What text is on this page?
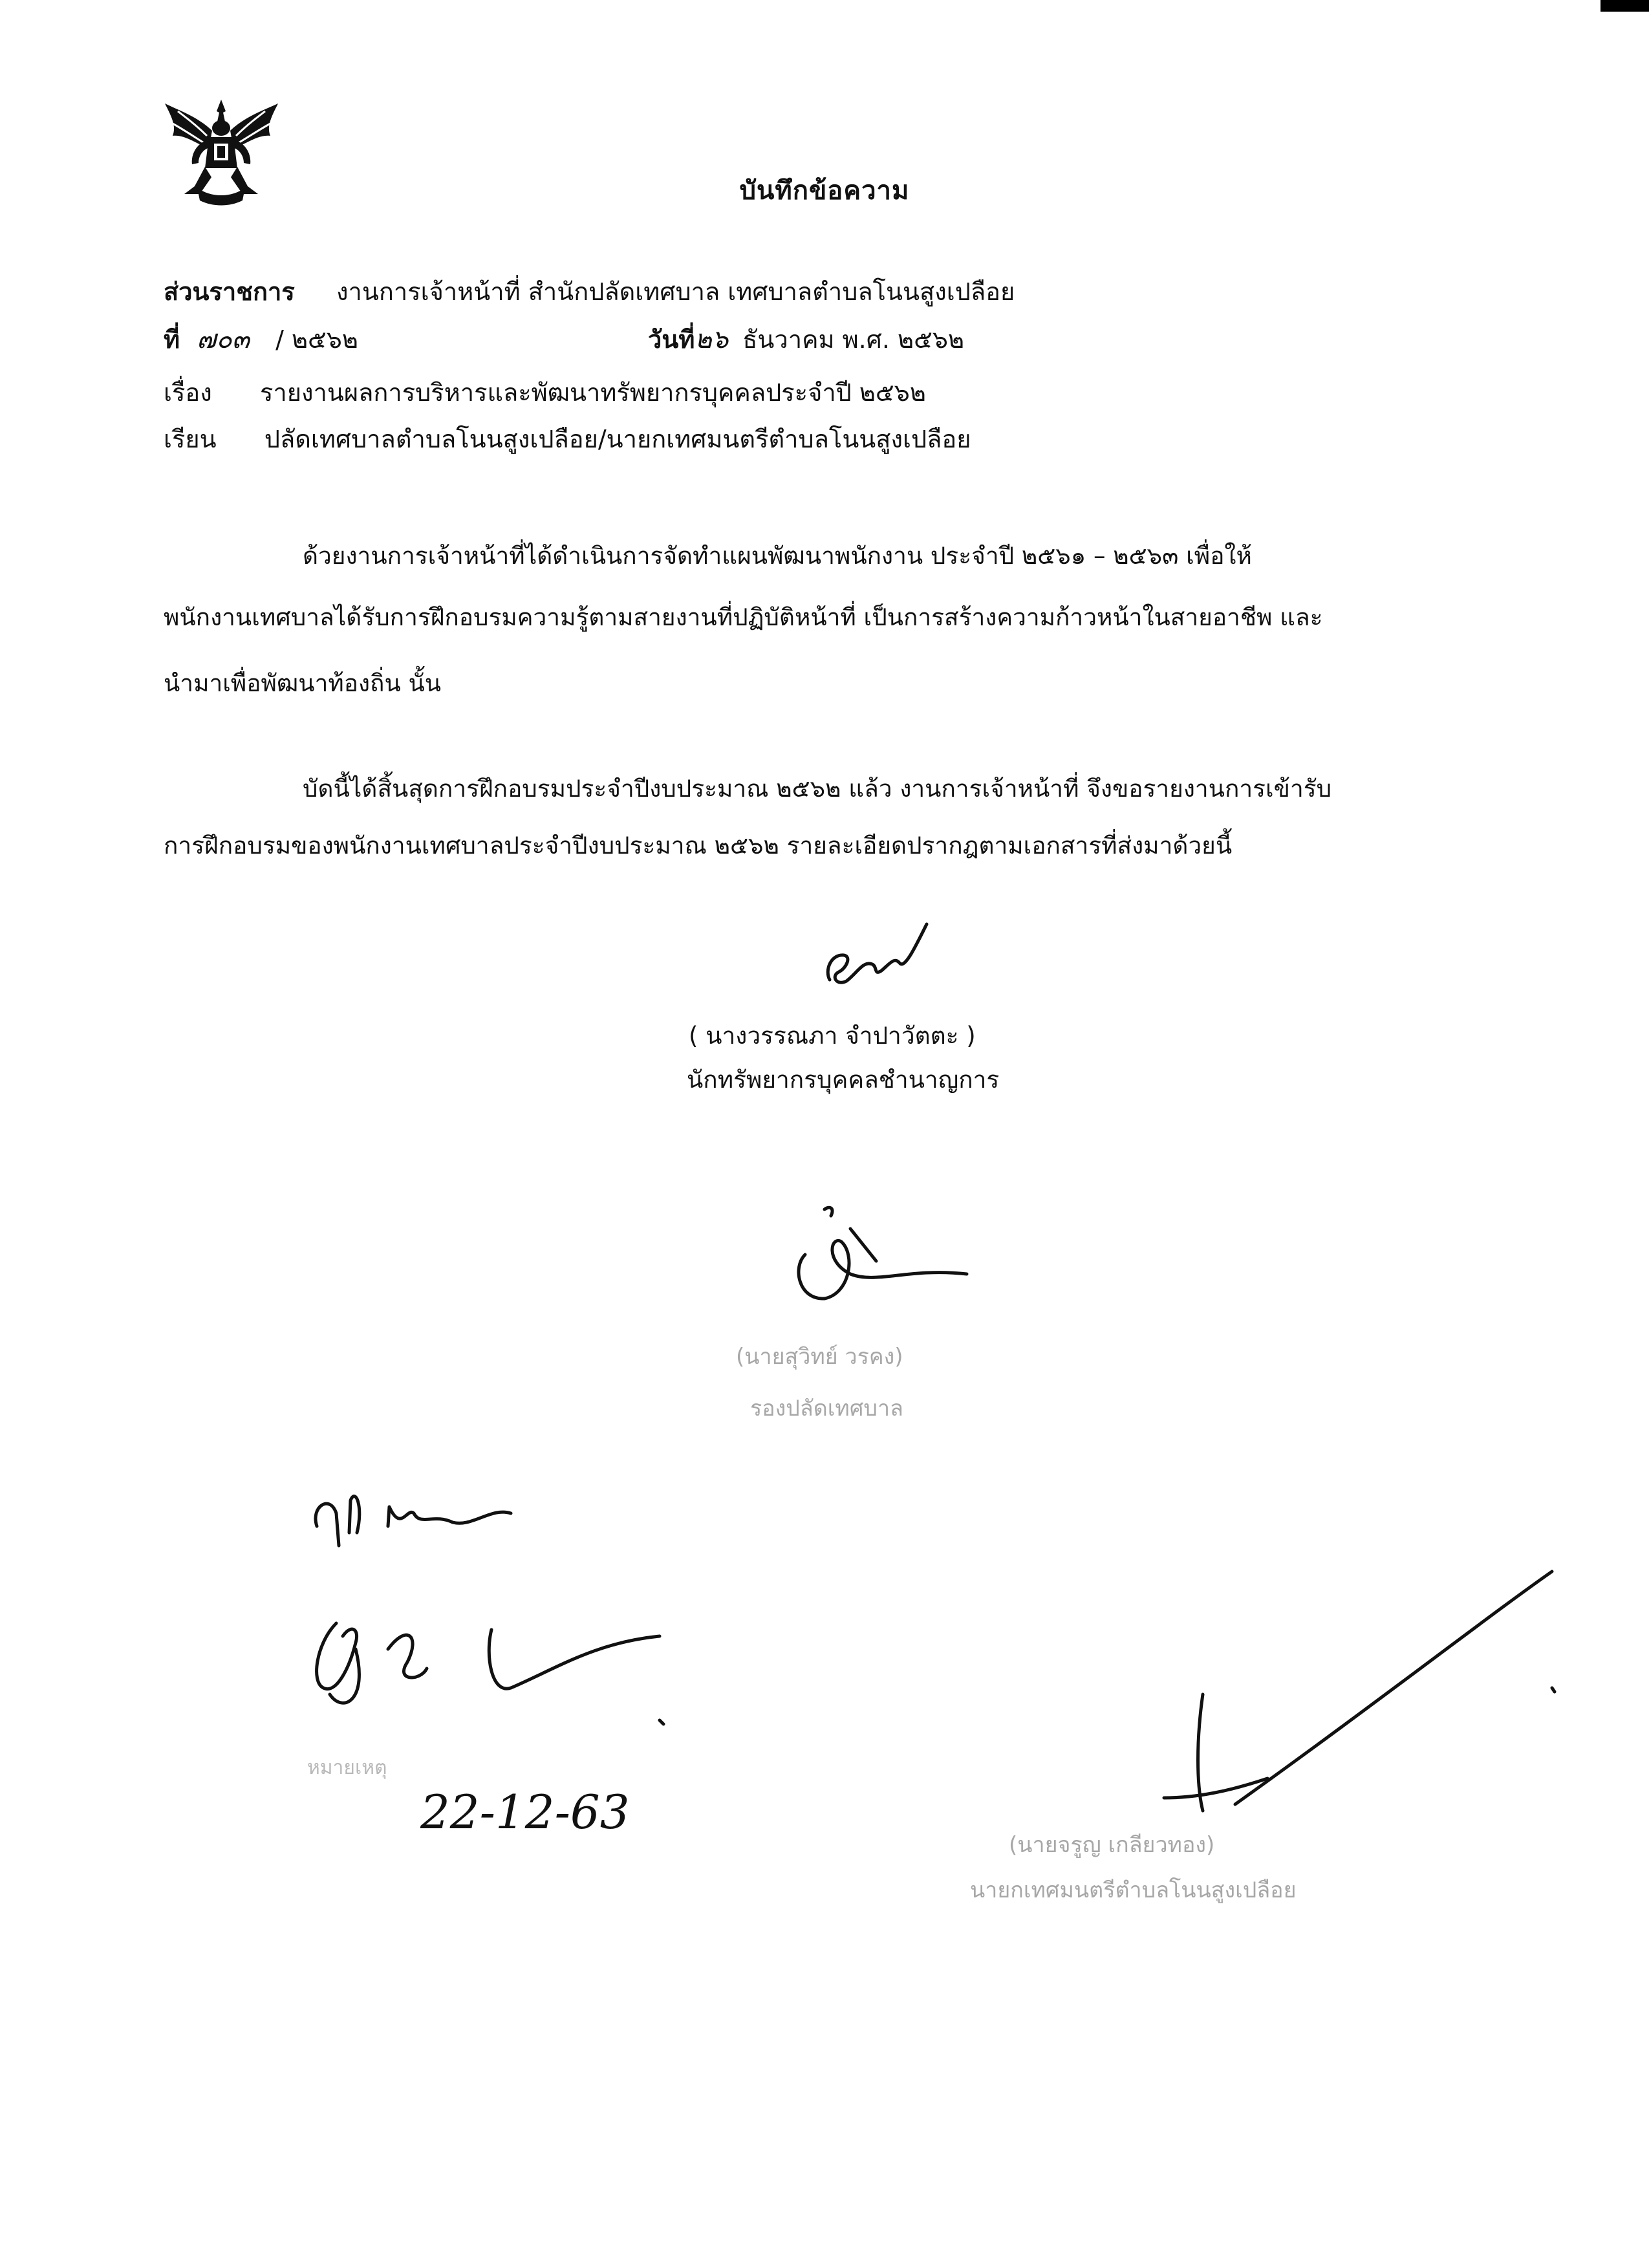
บันทึกข้อความ
ส่วนราชการ งานการเจ้าหน้าที่ สำนักปลัดเทศบาล เทศบาลตำบลโนนสูงเปลือย
ที่ ๗๐๓ / ๒๕๖๒	วันที่๒๖ ธันวาคม พ.ศ. ๒๕๖๒
เรื่อง รายงานผลการบริหารและพัฒนาทรัพยากรบุคคลประจำปี ๒๕๖๒
เรียน ปลัดเทศบาลตำบลโนนสูงเปลือย/นายกเทศมนตรีตำบลโนนสูงเปลือย
ด้วยงานการเจ้าหน้าที่ได้ดำเนินการจัดทำแผนพัฒนาพนักงาน ประจำปี ๒๕๖๑ – ๒๕๖๓ เพื่อให้
พนักงานเทศบาลได้รับการฝึกอบรมความรู้ตามสายงานที่ปฏิบัติหน้าที่ เป็นการสร้างความก้าวหน้าในสายอาชีพ และ
นำมาเพื่อพัฒนาท้องถิ่น นั้น
บัดนี้ได้สิ้นสุดการฝึกอบรมประจำปีงบประมาณ ๒๕๖๒ แล้ว งานการเจ้าหน้าที่ จึงขอรายงานการเข้ารับ
การฝึกอบรมของพนักงานเทศบาลประจำปีงบประมาณ ๒๕๖๒ รายละเอียดปรากฎตามเอกสารที่ส่งมาด้วยนี้
( นางวรรณภา จำปาวัตตะ )
นักทรัพยากรบุคคลชำนาญการ
(นายสุวิทย์ วรคง)
รองปลัดเทศบาล
หมายเหตุ
22-12-63
(นายจรูญ เกลียวทอง)
นายกเทศมนตรีตำบลโนนสูงเปลือย
